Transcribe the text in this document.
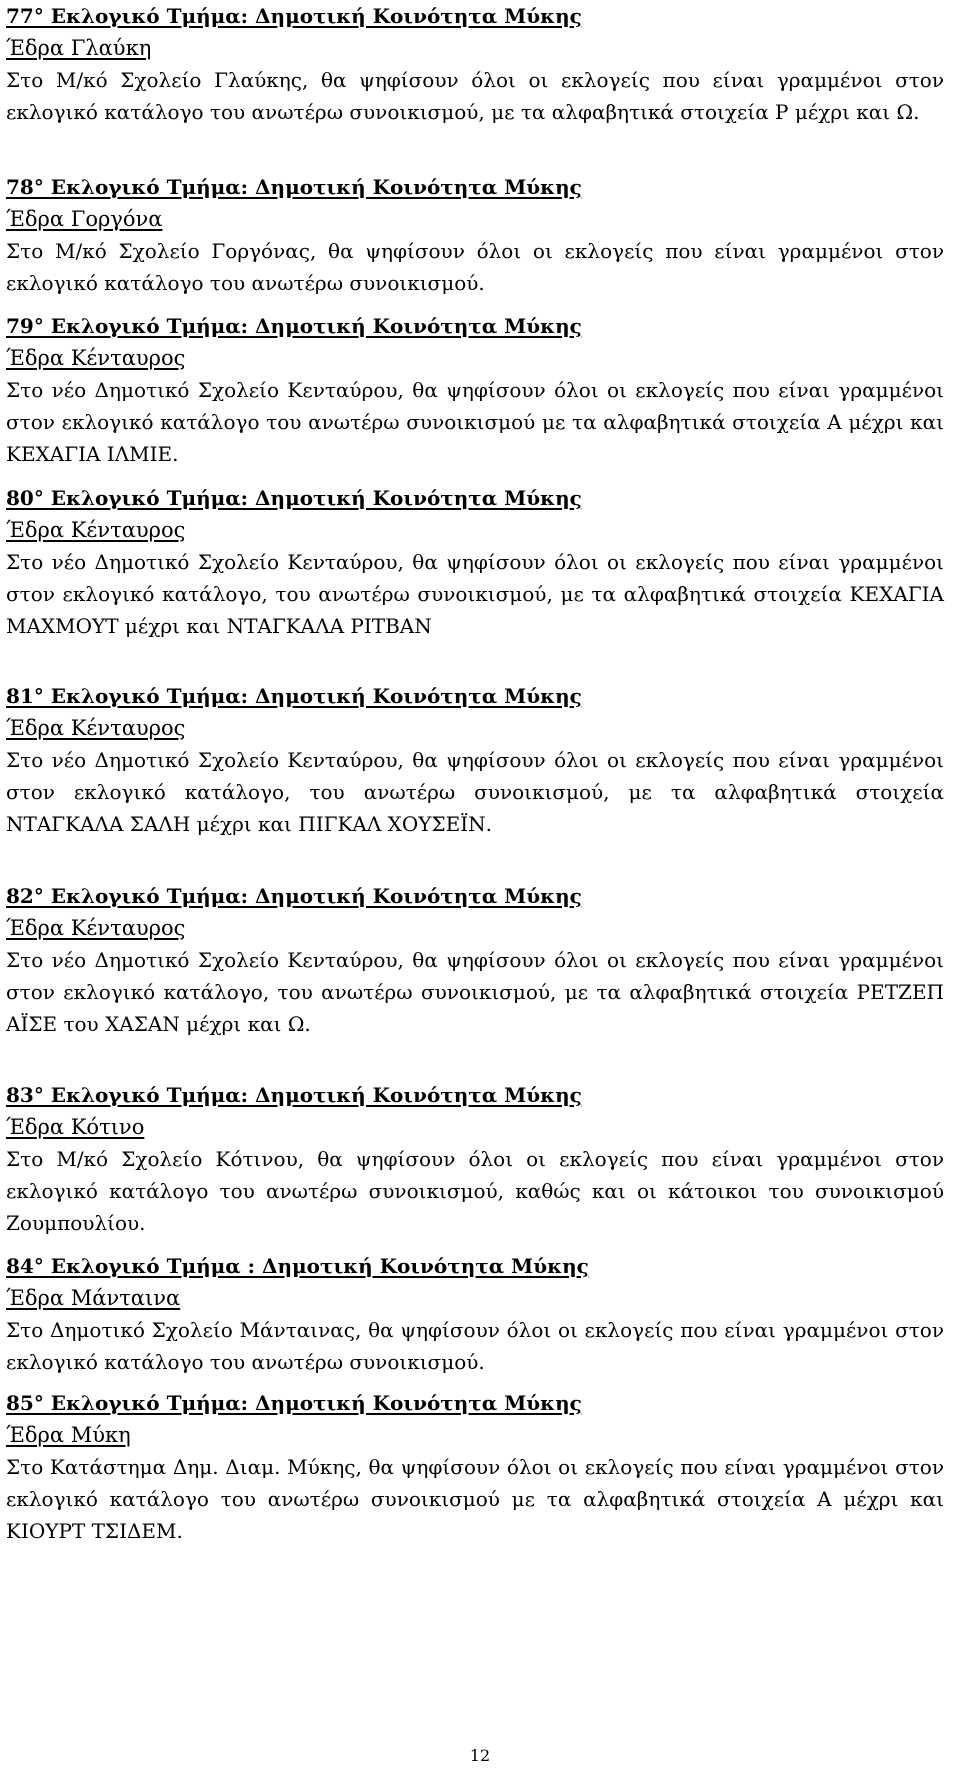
77° Εκλογικό Τμήμα: Δημοτική Κοινότητα Μύκης

Έδρα Γλαύκη

Στο Μ/κό Σχολείο Γλαύκης, θα ψηφίσουν όλοι οι εκλογείς που είναι γραμμένοι στον εκλογικό κατάλογο του ανωτέρω συνοικισμού, με τα αλφαβητικά στοιχεία Ρ μέχρι και Ω.

78° Εκλογικό Τμήμα: Δημοτική Κοινότητα Μύκης

Έδρα Γοργόνα

Στο Μ/κό Σχολείο Γοργόνας, θα ψηφίσουν όλοι οι εκλογείς που είναι γραμμένοι στον εκλογικό κατάλογο του ανωτέρω συνοικισμού.

79° Εκλογικό Τμήμα: Δημοτική Κοινότητα Μύκης

Έδρα Κένταυρος

Στο νέο Δημοτικό Σχολείο Κενταύρου, θα ψηφίσουν όλοι οι εκλογείς που είναι γραμμένοι στον εκλογικό κατάλογο του ανωτέρω συνοικισμού με τα αλφαβητικά στοιχεία Α μέχρι και ΚΕΧΑΓΙΑ ΙΛΜΙΕ.

80° Εκλογικό Τμήμα: Δημοτική Κοινότητα Μύκης

Έδρα Κένταυρος

Στο νέο Δημοτικό Σχολείο Κενταύρου, θα ψηφίσουν όλοι οι εκλογείς που είναι γραμμένοι στον εκλογικό κατάλογο, του ανωτέρω συνοικισμού, με τα αλφαβητικά στοιχεία ΚΕΧΑΓΙΑ ΜΑΧΜΟΥΤ μέχρι και ΝΤΑΓΚΑΛΑ ΡΙΤΒΑΝ

81° Εκλογικό Τμήμα: Δημοτική Κοινότητα Μύκης

Έδρα Κένταυρος

Στο νέο Δημοτικό Σχολείο Κενταύρου, θα ψηφίσουν όλοι οι εκλογείς που είναι γραμμένοι στον εκλογικό κατάλογο, του ανωτέρω συνοικισμού, με τα αλφαβητικά στοιχεία ΝΤΑΓΚΑΛΑ ΣΑΛΗ μέχρι και ΠΙΓΚΑΛ ΧΟΥΣΕΪΝ.

82° Εκλογικό Τμήμα: Δημοτική Κοινότητα Μύκης

Έδρα Κένταυρος

Στο νέο Δημοτικό Σχολείο Κενταύρου, θα ψηφίσουν όλοι οι εκλογείς που είναι γραμμένοι στον εκλογικό κατάλογο, του ανωτέρω συνοικισμού, με τα αλφαβητικά στοιχεία ΡΕΤΖΕΠ ΑΪΣΕ του ΧΑΣΑΝ μέχρι και Ω.

83° Εκλογικό Τμήμα: Δημοτική Κοινότητα Μύκης

Έδρα Κότινο

Στο Μ/κό Σχολείο Κότινου, θα ψηφίσουν όλοι οι εκλογείς που είναι γραμμένοι στον εκλογικό κατάλογο του ανωτέρω συνοικισμού, καθώς και οι κάτοικοι του συνοικισμού Ζουμπουλίου.

84° Εκλογικό Τμήμα : Δημοτική Κοινότητα Μύκης

Έδρα Μάνταινα

Στο Δημοτικό Σχολείο Μάνταινας, θα ψηφίσουν όλοι οι εκλογείς που είναι γραμμένοι στον εκλογικό κατάλογο του ανωτέρω συνοικισμού.

85° Εκλογικό Τμήμα: Δημοτική Κοινότητα Μύκης

Έδρα Μύκη

Στο Κατάστημα Δημ. Διαμ. Μύκης, θα ψηφίσουν όλοι οι εκλογείς που είναι γραμμένοι στον εκλογικό κατάλογο του ανωτέρω συνοικισμού με τα αλφαβητικά στοιχεία Α μέχρι και ΚΙΟΥΡΤ ΤΣΙΔΕΜ.

12
